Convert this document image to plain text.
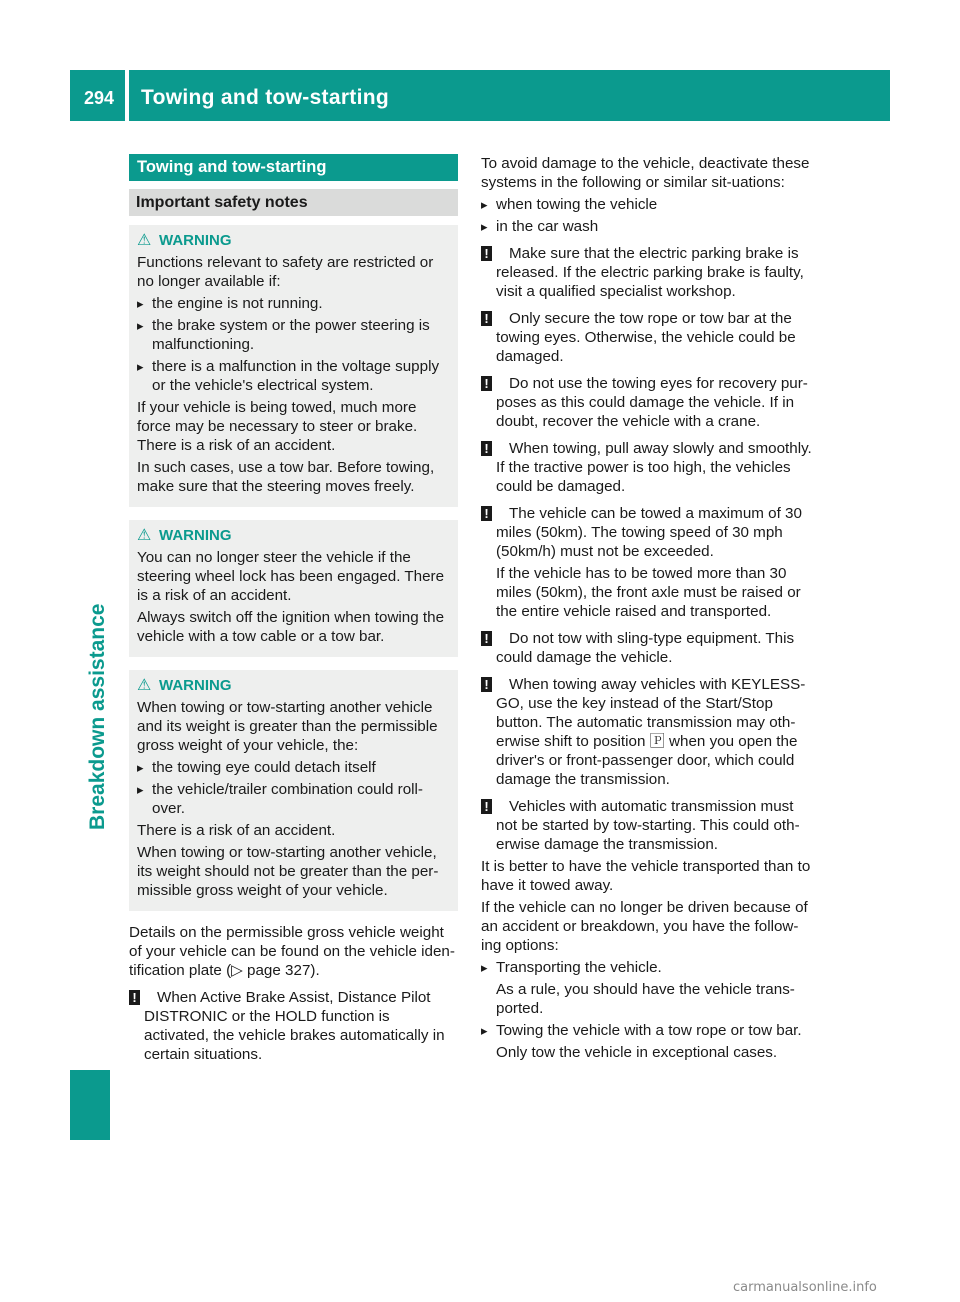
294 Towing and tow-starting
Breakdown assistance
Towing and tow-starting
Important safety notes
⚠ WARNING

Functions relevant to safety are restricted or no longer available if:

▸ the engine is not running.
▸ the brake system or the power steering is malfunctioning.
▸ there is a malfunction in the voltage supply or the vehicle's electrical system.

If your vehicle is being towed, much more force may be necessary to steer or brake. There is a risk of an accident.

In such cases, use a tow bar. Before towing, make sure that the steering moves freely.

⚠ WARNING

You can no longer steer the vehicle if the steering wheel lock has been engaged. There is a risk of an accident.

Always switch off the ignition when towing the vehicle with a tow cable or a tow bar.

⚠ WARNING

When towing or tow-starting another vehicle and its weight is greater than the permissible gross weight of your vehicle, the:

▸ the towing eye could detach itself
▸ the vehicle/trailer combination could roll-over.

There is a risk of an accident.

When towing or tow-starting another vehicle, its weight should not be greater than the per-missible gross weight of your vehicle.

Details on the permissible gross vehicle weight of your vehicle can be found on the vehicle iden-tification plate (▷ page 327).

! When Active Brake Assist, Distance Pilot DISTRONIC or the HOLD function is activated, the vehicle brakes automatically in certain situations.

To avoid damage to the vehicle, deactivate these systems in the following or similar sit-uations:

▸ when towing the vehicle
▸ in the car wash
! Make sure that the electric parking brake is released. If the electric parking brake is faulty, visit a qualified specialist workshop.
! Only secure the tow rope or tow bar at the towing eyes. Otherwise, the vehicle could be damaged.
! Do not use the towing eyes for recovery pur-poses as this could damage the vehicle. If in doubt, recover the vehicle with a crane.
! When towing, pull away slowly and smoothly. If the tractive power is too high, the vehicles could be damaged.
! The vehicle can be towed a maximum of 30 miles (50km). The towing speed of 30 mph (50km/h) must not be exceeded.

If the vehicle has to be towed more than 30 miles (50km), the front axle must be raised or the entire vehicle raised and transported.

! Do not tow with sling-type equipment. This could damage the vehicle.
! When towing away vehicles with KEYLESS-GO, use the key instead of the Start/Stop button. The automatic transmission may oth-erwise shift to position 🄿 when you open the driver's or front-passenger door, which could damage the transmission.
! Vehicles with automatic transmission must not be started by tow-starting. This could oth-erwise damage the transmission.

It is better to have the vehicle transported than to have it towed away.

If the vehicle can no longer be driven because of an accident or breakdown, you have the follow-ing options:

▸ Transporting the vehicle.

As a rule, you should have the vehicle trans-ported.

▸ Towing the vehicle with a tow rope or tow bar.

Only tow the vehicle in exceptional cases.

carmanualsonline.info
